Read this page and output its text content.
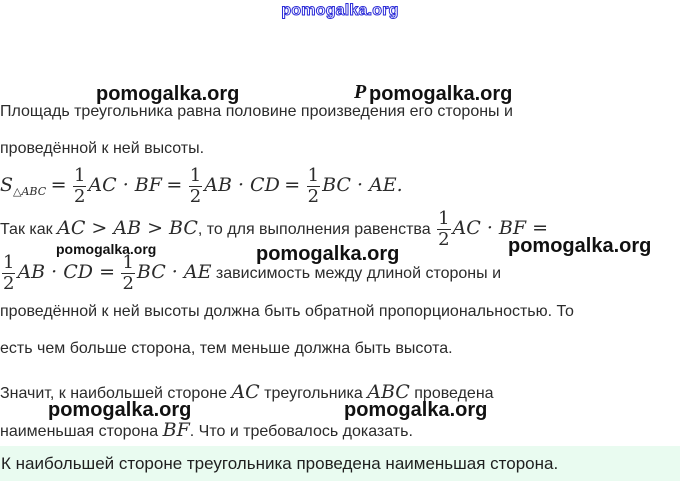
pomogalka.org
Площадь треугольника равна половине произведения его стороны и
проведённой к ней высоты.
$S_{\triangle ABC} = \frac{1}{2}$ AC · BF = $\frac{1}{2}$ AB · CD = $\frac{1}{2}$ BC · AE.
Так как AC > AB > BC, то для выполнения равенства $\frac{1}{2}$ AC · BF =
$\frac{1}{2}$ AB · CD = $\frac{1}{2}$ BC · AE зависимость между длиной стороны и
проведённой к ней высоты должна быть обратной пропорциональностью. То
есть чем больше сторона, тем меньше должна быть высота.
Значит, к наибольшей стороне AC треугольника ABC проведена
наименьшая сторона BF. Что и требовалось доказать.
К наибольшей стороне треугольника проведена наименьшая сторона.
P
pomogalka.org	pomogalka.org
pomogalka.org	pomogalka.org	pomogalka.org
pomogalka.org	pomogalka.org
